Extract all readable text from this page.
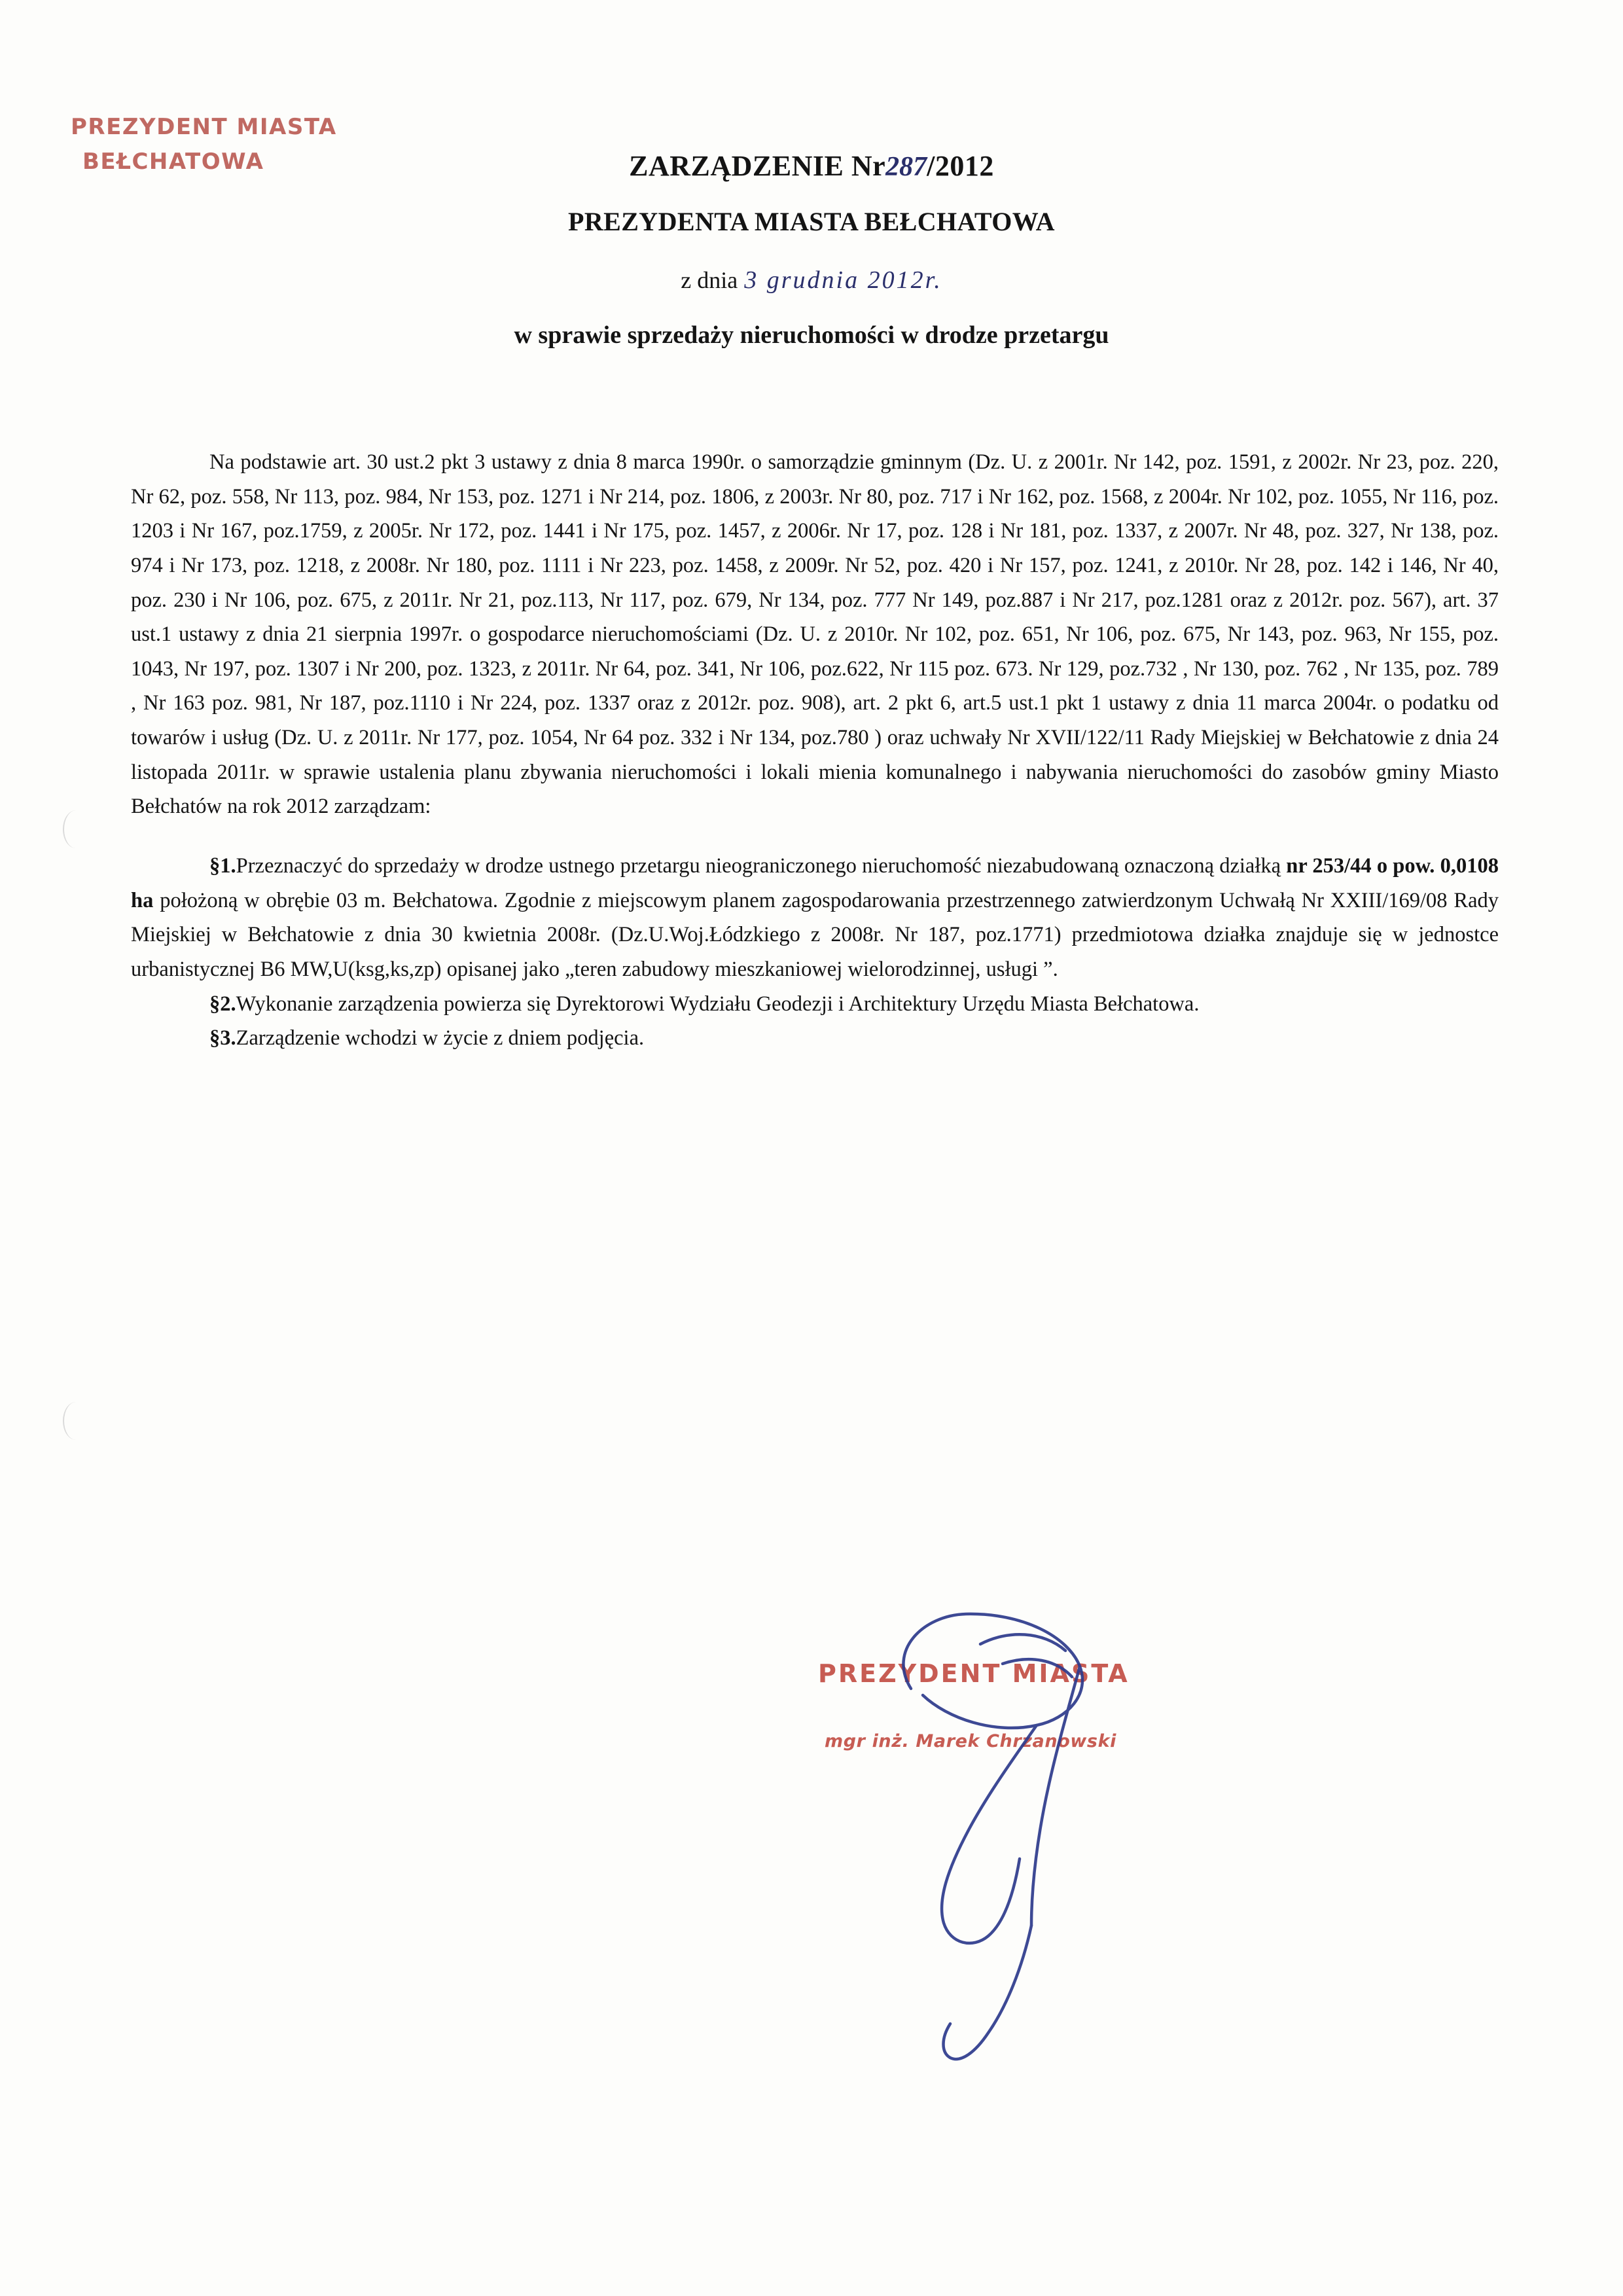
PREZYDENT MIASTA
BEŁCHATOWA	ZARZĄDZENIE Nr287/2012
PREZYDENTA MIASTA BEŁCHATOWA
z dnia 3 grudnia 2012r.
w sprawie sprzedaży nieruchomości w drodze przetargu

Na podstawie art. 30 ust.2 pkt 3 ustawy z dnia 8 marca 1990r. o samorządzie gminnym (Dz. U. z 2001r. Nr 142, poz. 1591, z 2002r. Nr 23, poz. 220, Nr 62, poz. 558, Nr 113, poz. 984, Nr 153, poz. 1271 i Nr 214, poz. 1806, z 2003r. Nr 80, poz. 717 i Nr 162, poz. 1568, z 2004r. Nr 102, poz. 1055, Nr 116, poz. 1203 i Nr 167, poz.1759, z 2005r. Nr 172, poz. 1441 i Nr 175, poz. 1457, z 2006r. Nr 17, poz. 128 i Nr 181, poz. 1337, z 2007r. Nr 48, poz. 327, Nr 138, poz. 974 i Nr 173, poz. 1218, z 2008r. Nr 180, poz. 1111 i Nr 223, poz. 1458, z 2009r. Nr 52, poz. 420 i Nr 157, poz. 1241, z 2010r. Nr 28, poz. 142 i 146, Nr 40, poz. 230 i Nr 106, poz. 675, z 2011r. Nr 21, poz.113, Nr 117, poz. 679, Nr 134, poz. 777 Nr 149, poz.887 i Nr 217, poz.1281 oraz z 2012r. poz. 567), art. 37 ust.1 ustawy z dnia 21 sierpnia 1997r. o gospodarce nieruchomościami (Dz. U. z 2010r. Nr 102, poz. 651, Nr 106, poz. 675, Nr 143, poz. 963, Nr 155, poz. 1043, Nr 197, poz. 1307 i Nr 200, poz. 1323, z 2011r. Nr 64, poz. 341, Nr 106, poz.622, Nr 115 poz. 673. Nr 129, poz.732 , Nr 130, poz. 762 , Nr 135, poz. 789 , Nr 163 poz. 981, Nr 187, poz.1110 i Nr 224, poz. 1337 oraz z 2012r. poz. 908), art. 2 pkt 6, art.5 ust.1 pkt 1 ustawy z dnia 11 marca 2004r. o podatku od towarów i usług (Dz. U. z 2011r. Nr 177, poz. 1054, Nr 64 poz. 332 i Nr 134, poz.780 ) oraz uchwały Nr XVII/122/11 Rady Miejskiej w Bełchatowie z dnia 24 listopada 2011r. w sprawie ustalenia planu zbywania nieruchomości i lokali mienia komunalnego i nabywania nieruchomości do zasobów gminy Miasto Bełchatów na rok 2012 zarządzam:

§1.Przeznaczyć do sprzedaży w drodze ustnego przetargu nieograniczonego nieruchomość niezabudowaną oznaczoną działką nr 253/44 o pow. 0,0108 ha położoną w obrębie 03 m. Bełchatowa. Zgodnie z miejscowym planem zagospodarowania przestrzennego zatwierdzonym Uchwałą Nr XXIII/169/08 Rady Miejskiej w Bełchatowie z dnia 30 kwietnia 2008r. (Dz.U.Woj.Łódzkiego z 2008r. Nr 187, poz.1771) przedmiotowa działka znajduje się w jednostce urbanistycznej B6 MW,U(ksg,ks,zp) opisanej jako „teren zabudowy mieszkaniowej wielorodzinnej, usługi ”.

§2.Wykonanie zarządzenia powierza się Dyrektorowi Wydziału Geodezji i Architektury Urzędu Miasta Bełchatowa.

§3.Zarządzenie wchodzi w życie z dniem podjęcia.

PREZYDENT MIASTA
mgr inż. Marek Chrzanowski
